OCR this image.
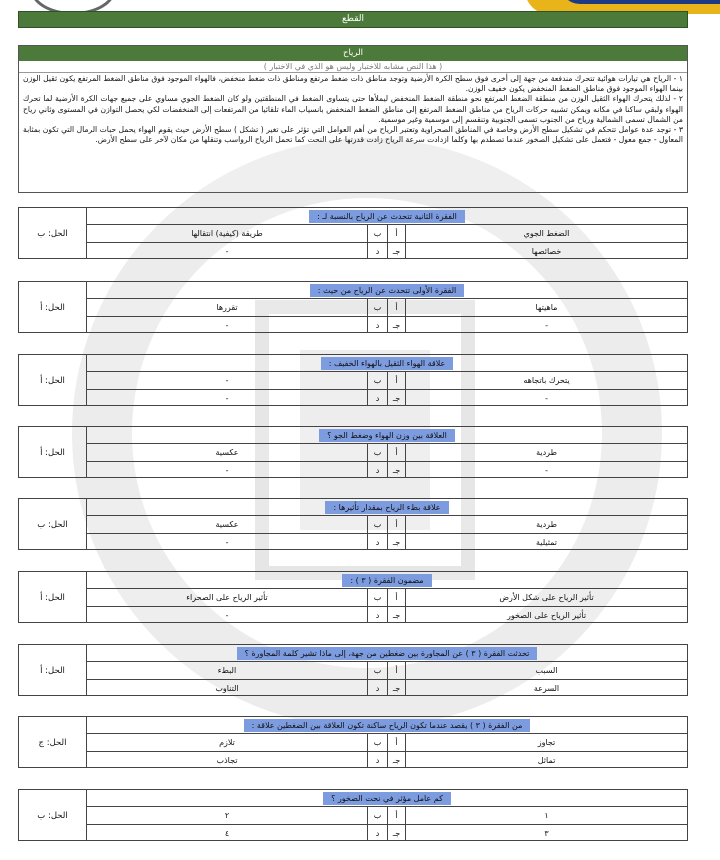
القطع
الرياح
( هذا النص مشابه للاختبار وليس هو الذي في الاختبار )
١ - الرياح هي تيارات هوائية تتحرك مندفعة من جهة إلى أخرى فوق سطح الكرة الأرضية وتوجد مناطق ذات ضغط مرتفع ومناطق ذات ضغط منخفض، فالهواء الموجود فوق مناطق الضغط المرتفع يكون ثقيل الوزن بينما الهواء الموجود فوق مناطق الضغط المنخفض يكون خفيف الوزن.
٢ - لذلك يتحرك الهواء الثقيل الوزن من منطقة الضغط المرتفع نحو منطقة الضغط المنخفض ليملأها حتى يتساوى الضغط في المنطقتين ولو كان الضغط الجوي مساوي على جميع جهات الكرة الأرضية لما تحرك الهواء ولبقي ساكنا في مكانه ويمكن تشبيه حركات الرياح من مناطق الضغط المرتفع إلى مناطق الضغط المنخفض بانسياب الماء تلقائيا من المرتفعات إلى المنخفضات لكي يحصل التوازن في المستوى وثاني رياح من الشمال تسمى الشمالية ورياح من الجنوب تسمى الجنوبية وتنقسم إلى موسمية وغير موسمية.
٣ - توجد عدة عوامل تتحكم في تشكيل سطح الأرض وخاصة في المناطق الصحراوية وتعتبر الرياح من أهم العوامل التي تؤثر على تغير ( تشكل ) سطح الأرض حيث يقوم الهواء يحمل حبات الرمال التي تكون بمثابة المعاول - جمع معول - فتعمل على تشكيل الصخور عندما تصطدم بها وكلما ازدادت سرعة الرياح زادت قدرتها على النحت كما تحمل الرياح الرواسب وتنقلها من مكان لآخر على سطح الأرض.
الحل: ب
الفقرة الثانية تتحدث عن الرياح بالنسبة لـ :
طريقة (كيفية) انتقالها	ب	أ	الضغط الجوي
-	د	جـ	خصائصها
الحل: أ
الفقرة الأولى تتحدث عن الرياح من حيث :
تقررها	ب	أ	ماهيتها
-	د	جـ	-
الحل: أ
علاقة الهواء الثقيل بالهواء الخفيف :
-	ب	أ	يتحرك باتجاهه
-	د	جـ	-
الحل: أ
العلاقة بين وزن الهواء وضغط الجو ؟
عكسية	ب	أ	طردية
-	د	جـ	-
الحل: ب
علاقة بطء الرياح بمقدار تأثيرها :
عكسية	ب	أ	طردية
-	د	جـ	تمثيلية
الحل: أ
مضمون الفقرة ( ٣ ) :
تأثير الرياح على الصحراء	ب	أ	تأثير الرياح على شكل الأرض
-	د	جـ	تأثير الرياح على الصخور
الحل: أ
تحدثت الفقرة ( ٣ ) عن المجاورة بين ضغطين من جهة، إلى ماذا تشير كلمة المجاورة ؟
البطء	ب	أ	السبب
التناوب	د	جـ	السرعة
الحل: ج
من الفقرة ( ٣ ) يقصد عندما تكون الرياح ساكنة تكون العلاقة بين الضغطين علاقة :
تلازم	ب	أ	تجاوز
تجاذب	د	جـ	تماثل
الحل: ب
كم عامل مؤثر في نحت الصخور ؟
٢	ب	أ	١
٤	د	جـ	٣
